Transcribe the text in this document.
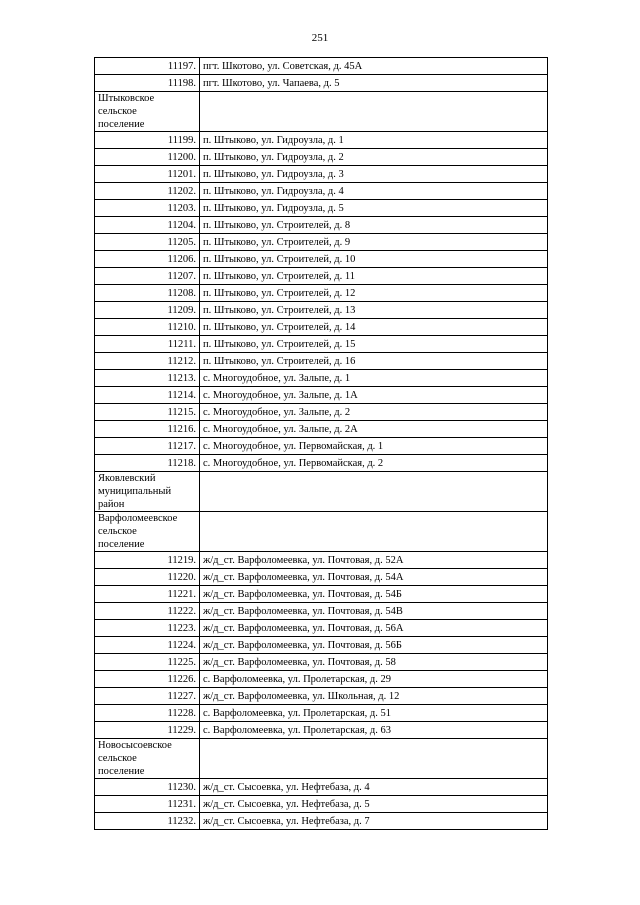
251
11197.	пгт. Шкотово, ул. Советская, д. 45А
11198.	пгт. Шкотово, ул. Чапаева, д. 5
Штыковское
сельское
поселение	
11199.	п. Штыково, ул. Гидроузла, д. 1
11200.	п. Штыково, ул. Гидроузла, д. 2
11201.	п. Штыково, ул. Гидроузла, д. 3
11202.	п. Штыково, ул. Гидроузла, д. 4
11203.	п. Штыково, ул. Гидроузла, д. 5
11204.	п. Штыково, ул. Строителей, д. 8
11205.	п. Штыково, ул. Строителей, д. 9
11206.	п. Штыково, ул. Строителей, д. 10
11207.	п. Штыково, ул. Строителей, д. 11
11208.	п. Штыково, ул. Строителей, д. 12
11209.	п. Штыково, ул. Строителей, д. 13
11210.	п. Штыково, ул. Строителей, д. 14
11211.	п. Штыково, ул. Строителей, д. 15
11212.	п. Штыково, ул. Строителей, д. 16
11213.	с. Многоудобное, ул. Зальпе, д. 1
11214.	с. Многоудобное, ул. Зальпе, д. 1А
11215.	с. Многоудобное, ул. Зальпе, д. 2
11216.	с. Многоудобное, ул. Зальпе, д. 2А
11217.	с. Многоудобное, ул. Первомайская, д. 1
11218.	с. Многоудобное, ул. Первомайская, д. 2
Яковлевский
муниципальный
район	
Варфоломеевское
сельское
поселение	
11219.	ж/д_ст. Варфоломеевка, ул. Почтовая, д. 52А
11220.	ж/д_ст. Варфоломеевка, ул. Почтовая, д. 54А
11221.	ж/д_ст. Варфоломеевка, ул. Почтовая, д. 54Б
11222.	ж/д_ст. Варфоломеевка, ул. Почтовая, д. 54В
11223.	ж/д_ст. Варфоломеевка, ул. Почтовая, д. 56А
11224.	ж/д_ст. Варфоломеевка, ул. Почтовая, д. 56Б
11225.	ж/д_ст. Варфоломеевка, ул. Почтовая, д. 58
11226.	с. Варфоломеевка, ул. Пролетарская, д. 29
11227.	ж/д_ст. Варфоломеевка, ул. Школьная, д. 12
11228.	с. Варфоломеевка, ул. Пролетарская, д. 51
11229.	с. Варфоломеевка, ул. Пролетарская, д. 63
Новосысоевское
сельское
поселение	
11230.	ж/д_ст. Сысоевка, ул. Нефтебаза, д. 4
11231.	ж/д_ст. Сысоевка, ул. Нефтебаза, д. 5
11232.	ж/д_ст. Сысоевка, ул. Нефтебаза, д. 7
